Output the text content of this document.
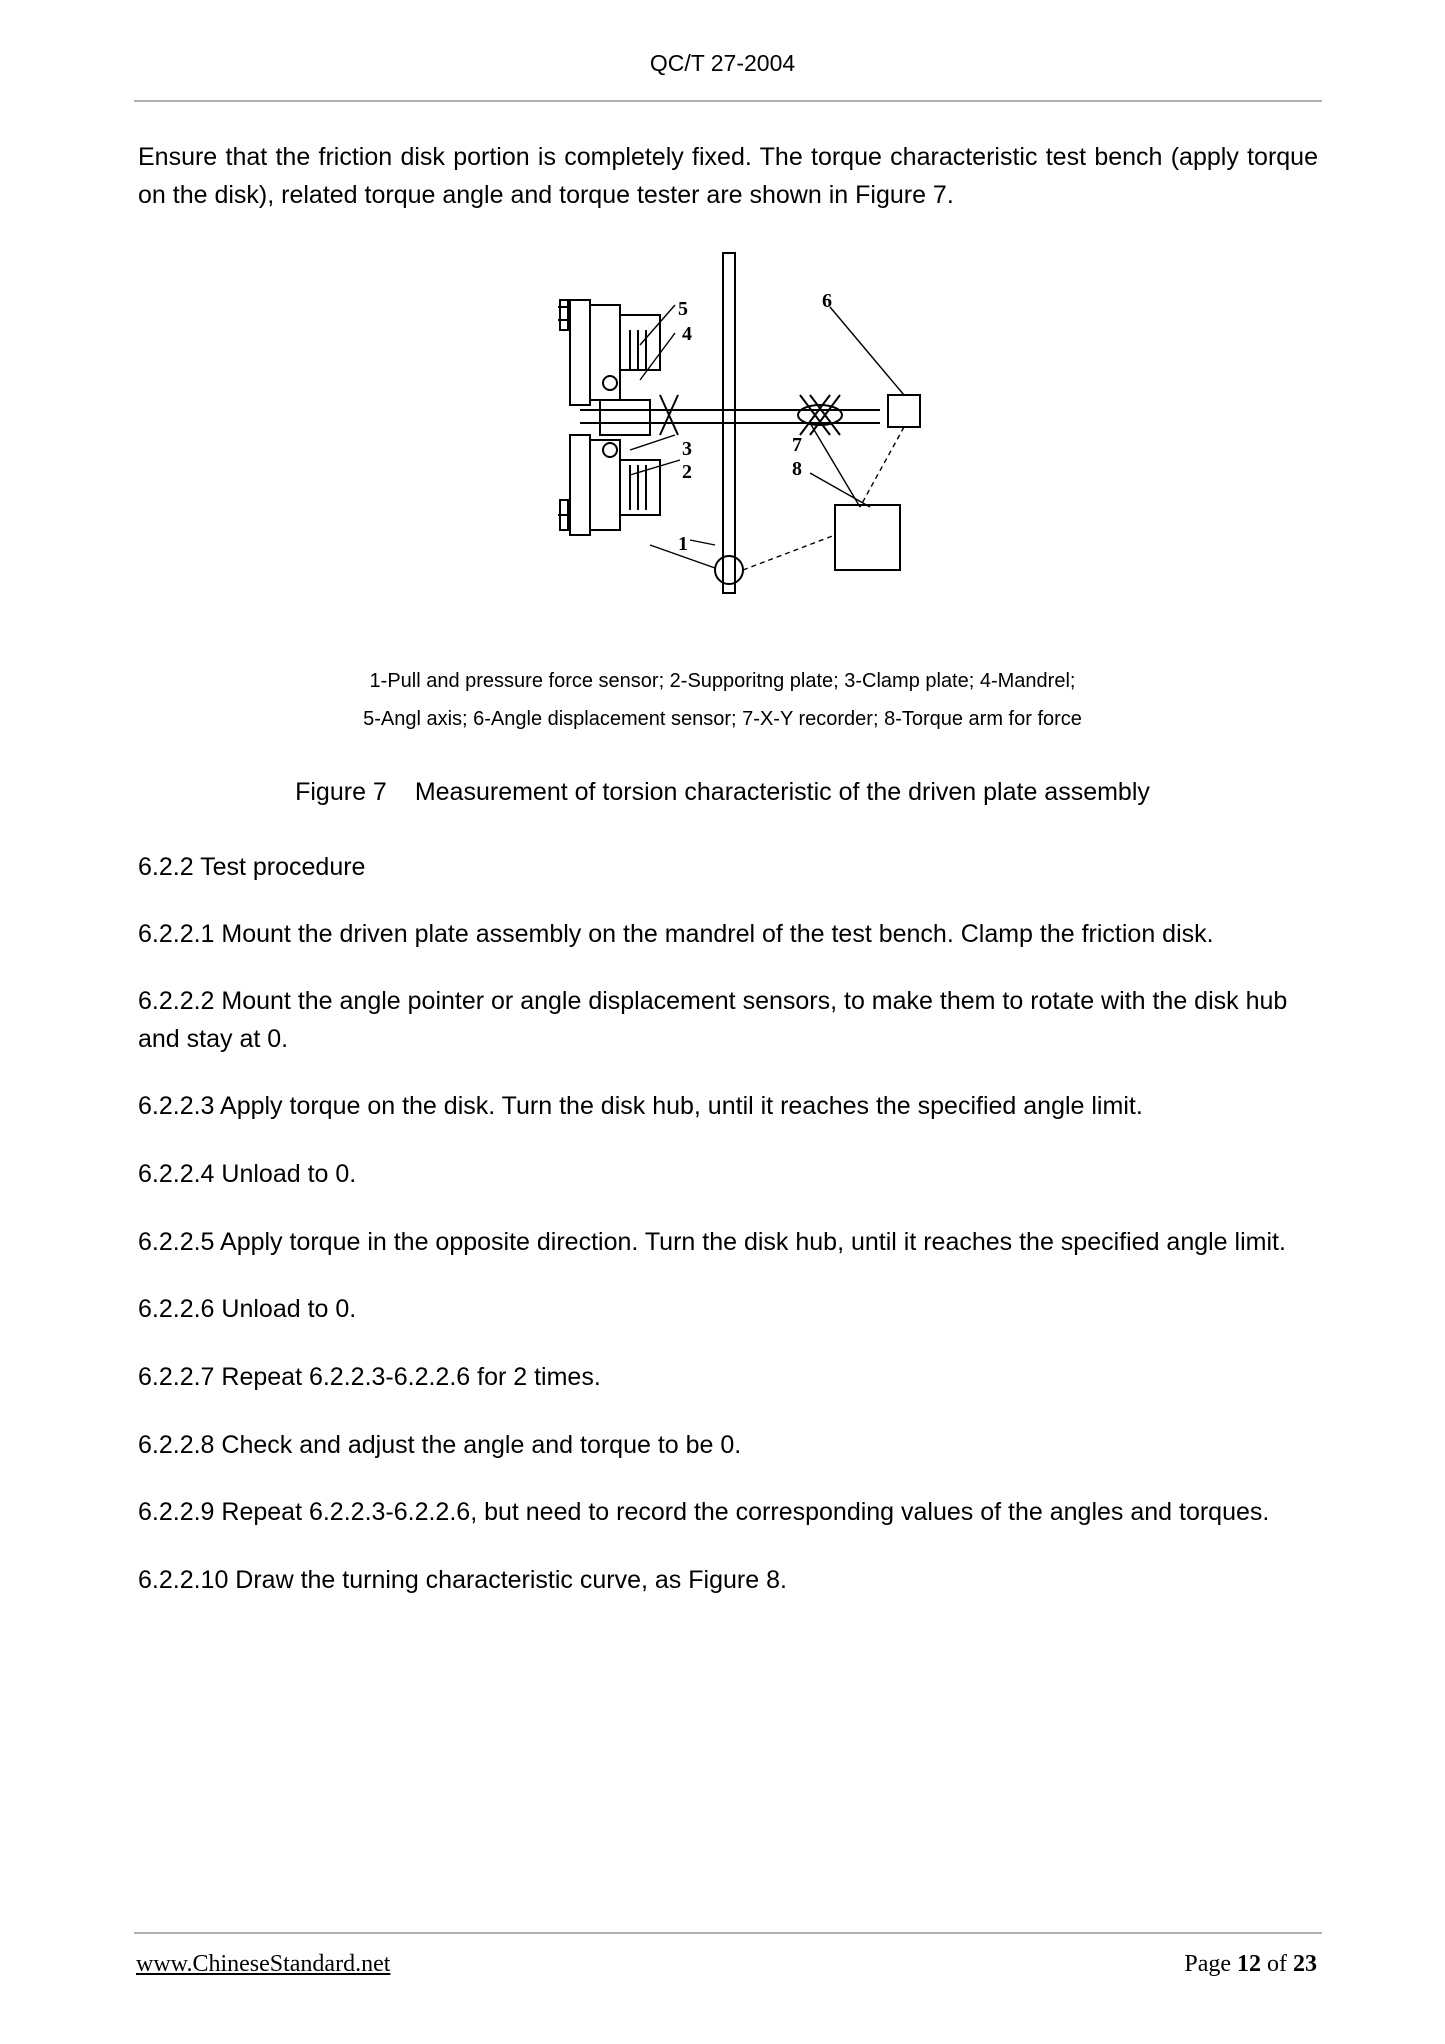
QC/T 27-2004
Ensure that the friction disk portion is completely fixed. The torque characteristic test bench (apply torque on the disk), related torque angle and torque tester are shown in Figure 7.
1
2
3
4
5	6
7
8
1-Pull and pressure force sensor; 2-Supporitng plate; 3-Clamp plate; 4-Mandrel;
5-Angl axis; 6-Angle displacement sensor; 7-X-Y recorder; 8-Torque arm for force
Figure 7 Measurement of torsion characteristic of the driven plate assembly
6.2.2 Test procedure
6.2.2.1 Mount the driven plate assembly on the mandrel of the test bench. Clamp the friction disk.
6.2.2.2 Mount the angle pointer or angle displacement sensors, to make them to rotate with the disk hub and stay at 0.
6.2.2.3 Apply torque on the disk. Turn the disk hub, until it reaches the specified angle limit.
6.2.2.4 Unload to 0.
6.2.2.5 Apply torque in the opposite direction. Turn the disk hub, until it reaches the specified angle limit.
6.2.2.6 Unload to 0.
6.2.2.7 Repeat 6.2.2.3-6.2.2.6 for 2 times.
6.2.2.8 Check and adjust the angle and torque to be 0.
6.2.2.9 Repeat 6.2.2.3-6.2.2.6, but need to record the corresponding values of the angles and torques.
6.2.2.10 Draw the turning characteristic curve, as Figure 8.
www.ChineseStandard.net	Page 12 of 23
